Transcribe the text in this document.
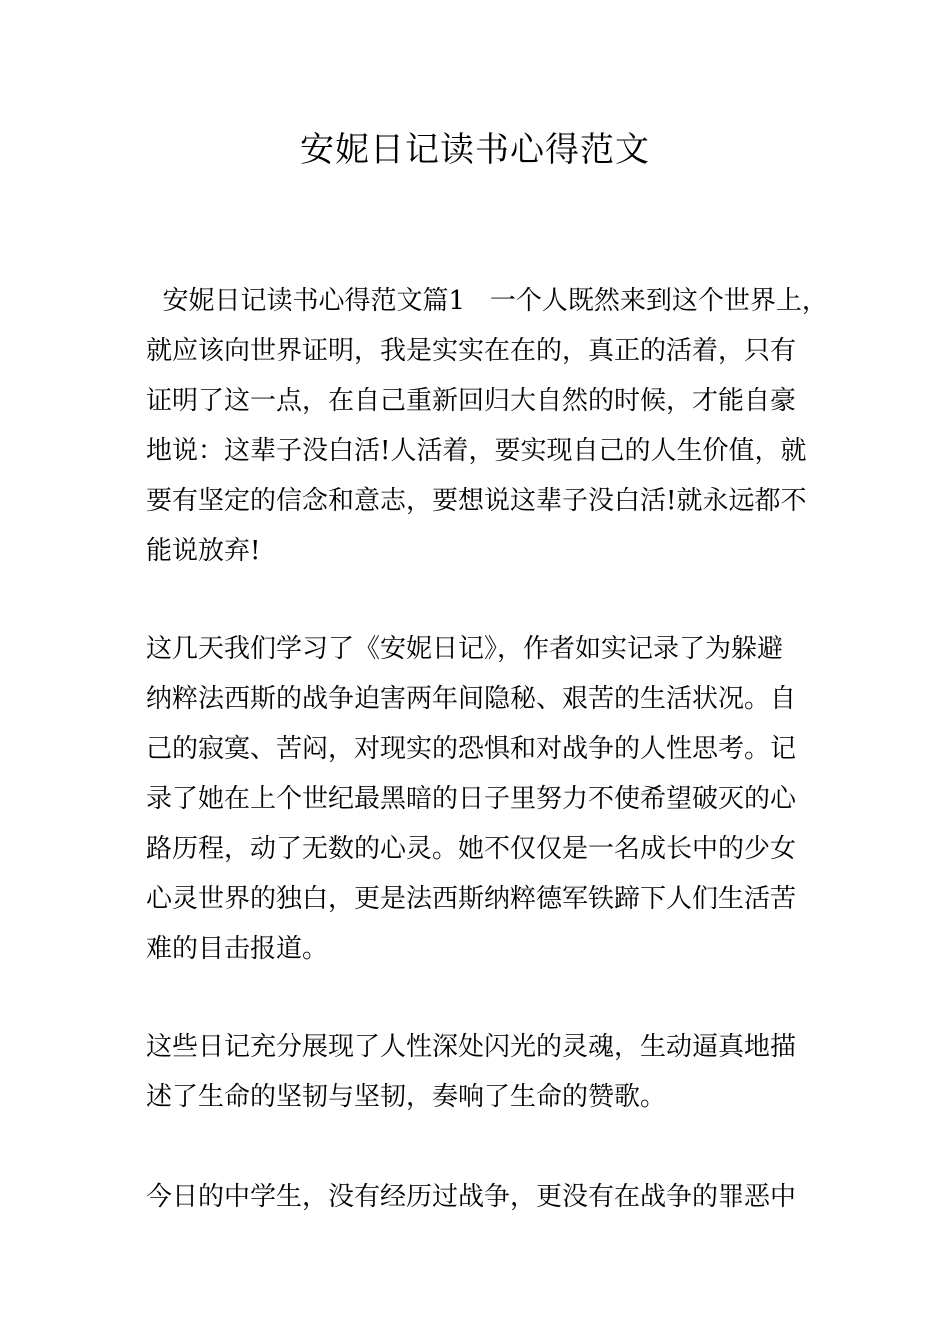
安妮日记读书心得范文

安妮日记读书心得范文篇1   一个人既然来到这个世界上，
就应该向世界证明，我是实实在在的，真正的活着，只有
证明了这一点，在自己重新回归大自然的时候，才能自豪
地说：这辈子没白活!人活着，要实现自己的人生价值，就
要有坚定的信念和意志，要想说这辈子没白活!就永远都不
能说放弃!

这几天我们学习了《安妮日记》，作者如实记录了为躲避
纳粹法西斯的战争迫害两年间隐秘、艰苦的生活状况。自
己的寂寞、苦闷，对现实的恐惧和对战争的人性思考。记
录了她在上个世纪最黑暗的日子里努力不使希望破灭的心
路历程，动了无数的心灵。她不仅仅是一名成长中的少女
心灵世界的独白，更是法西斯纳粹德军铁蹄下人们生活苦
难的目击报道。

这些日记充分展现了人性深处闪光的灵魂，生动逼真地描
述了生命的坚韧与坚韧，奏响了生命的赞歌。

今日的中学生，没有经历过战争，更没有在战争的罪恶中
